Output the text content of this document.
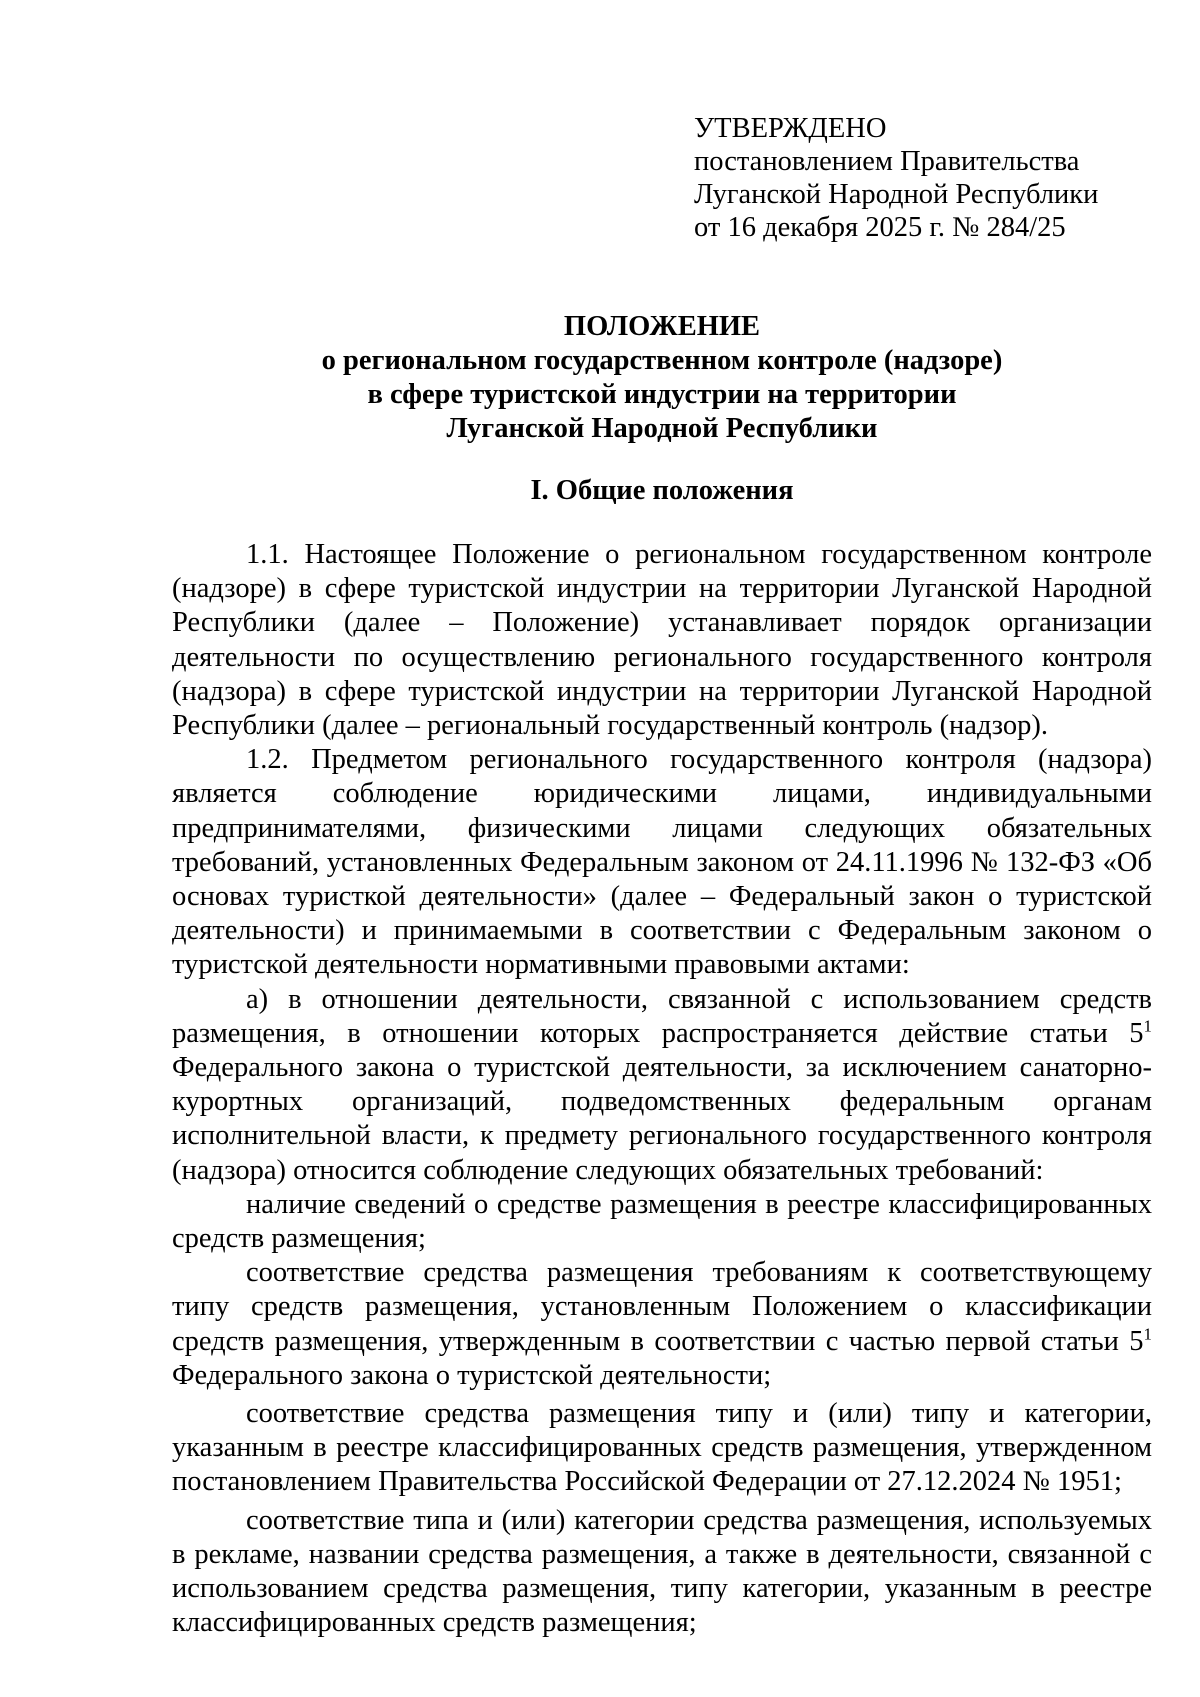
УТВЕРЖДЕНО
постановлением Правительства
Луганской Народной Республики
от 16 декабря 2025 г. № 284/25
ПОЛОЖЕНИЕ
о региональном государственном контроле (надзоре)
в сфере туристской индустрии на территории
Луганской Народной Республики
I. Общие положения

1.1. Настоящее Положение о региональном государственном контроле (надзоре) в сфере туристской индустрии на территории Луганской Народной Республики (далее – Положение) устанавливает порядок организации деятельности по осуществлению регионального государственного контроля (надзора) в сфере туристской индустрии на территории Луганской Народной Республики (далее – региональный государственный контроль (надзор).

1.2. Предметом регионального государственного контроля (надзора) является соблюдение юридическими лицами, индивидуальными предпринимателями, физическими лицами следующих обязательных требований, установленных Федеральным законом от 24.11.1996 № 132-ФЗ «Об основах туристкой деятельности» (далее – Федеральный закон о туристской деятельности) и принимаемыми в соответствии с Федеральным законом о туристской деятельности нормативными правовыми актами:

а) в отношении деятельности, связанной с использованием средств размещения, в отношении которых распространяется действие статьи $5^1$ Федерального закона о туристской деятельности, за исключением санаторно-курортных организаций, подведомственных федеральным органам исполнительной власти, к предмету регионального государственного контроля (надзора) относится соблюдение следующих обязательных требований:

наличие сведений о средстве размещения в реестре классифицированных средств размещения;

соответствие средства размещения требованиям к соответствующему типу средств размещения, установленным Положением о классификации средств размещения, утвержденным в соответствии с частью первой статьи $5^1$ Федерального закона о туристской деятельности;

соответствие средства размещения типу и (или) типу и категории, указанным в реестре классифицированных средств размещения, утвержденном постановлением Правительства Российской Федерации от 27.12.2024 № 1951;

соответствие типа и (или) категории средства размещения, используемых в рекламе, названии средства размещения, а также в деятельности, связанной с использованием средства размещения, типу категории, указанным в реестре классифицированных средств размещения;
